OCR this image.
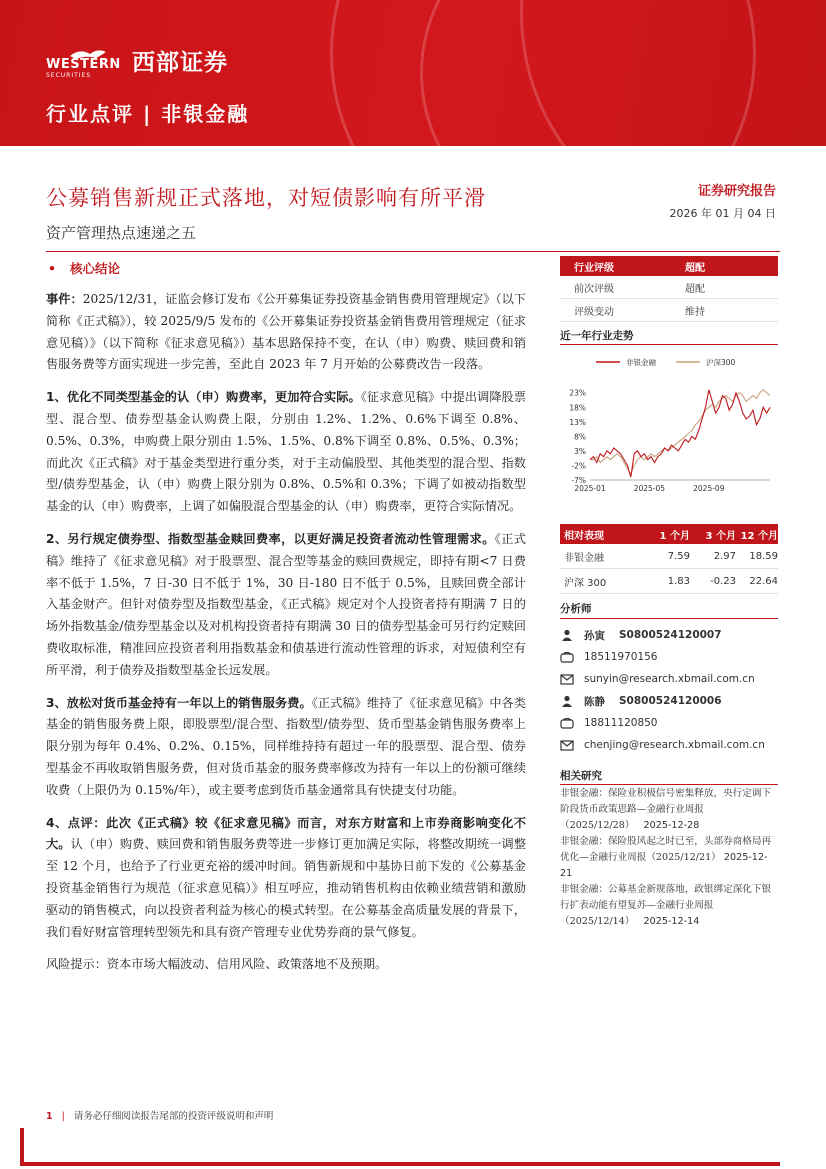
WESTERN
SECURITIES	西部证券
行业点评 | 非银金融
公募销售新规正式落地，对短债影响有所平滑
资产管理热点速递之五
证券研究报告
2026 年 01 月 04 日
• 核心结论

事件：2025/12/31，证监会修订发布《公开募集证券投资基金销售费用管理规定》（以下简称《正式稿》），较 2025/9/5 发布的《公开募集证券投资基金销售费用管理规定（征求意见稿）》（以下简称《征求意见稿》）基本思路保持不变，在认（申）购费、赎回费和销售服务费等方面实现进一步完善，至此自 2023 年 7 月开始的公募费改告一段落。

1、优化不同类型基金的认（申）购费率，更加符合实际。《征求意见稿》中提出调降股票型、混合型、债券型基金认购费上限，分别由 1.2%、1.2%、0.6%下调至 0.8%、0.5%、0.3%，申购费上限分别由 1.5%、1.5%、0.8%下调至 0.8%、0.5%、0.3%；而此次《正式稿》对于基金类型进行重分类，对于主动偏股型、其他类型的混合型、指数型/债券型基金，认（申）购费上限分别为 0.8%、0.5%和 0.3%；下调了如被动指数型基金的认（申）购费率，上调了如偏股混合型基金的认（申）购费率，更符合实际情况。

2、另行规定债券型、指数型基金赎回费率，以更好满足投资者流动性管理需求。《正式稿》维持了《征求意见稿》对于股票型、混合型等基金的赎回费规定，即持有期<7 日费率不低于 1.5%，7 日-30 日不低于 1%，30 日-180 日不低于 0.5%，且赎回费全部计入基金财产。但针对债券型及指数型基金，《正式稿》规定对个人投资者持有期满 7 日的场外指数基金/债券型基金以及对机构投资者持有期满 30 日的债券型基金可另行约定赎回费收取标准，精准回应投资者利用指数基金和债基进行流动性管理的诉求，对短债利空有所平滑，利于债券及指数型基金长远发展。

3、放松对货币基金持有一年以上的销售服务费。《正式稿》维持了《征求意见稿》中各类基金的销售服务费上限，即股票型/混合型、指数型/债券型、货币型基金销售服务费率上限分别为每年 0.4%、0.2%、0.15%，同样维持持有超过一年的股票型、混合型、债券型基金不再收取销售服务费，但对货币基金的服务费率修改为持有一年以上的份额可继续收费（上限仍为 0.15%/年），或主要考虑到货币基金通常具有快捷支付功能。

4、点评：此次《正式稿》较《征求意见稿》而言，对东方财富和上市券商影响变化不大。认（申）购费、赎回费和销售服务费等进一步修订更加满足实际，将整改期统一调整至 12 个月，也给予了行业更充裕的缓冲时间。销售新规和中基协日前下发的《公募基金投资基金销售行为规范（征求意见稿）》相互呼应，推动销售机构由依赖业绩营销和激励驱动的销售模式，向以投资者利益为核心的模式转型。在公募基金高质量发展的背景下，我们看好财富管理转型领先和具有资产管理专业优势券商的景气修复。

风险提示：资本市场大幅波动、信用风险、政策落地不及预期。

行业评级	超配
前次评级	超配
评级变动	维持
近一年行业走势
非银金融	沪深300
-7%
-2%
3%
8%
13%
18%
23%
2025-01	2025-05	2025-09
相对表现	1 个月	3 个月 12 个月
非银金融	7.59	2.97	18.59
沪深 300	1.83	-0.23	22.64
分析师
孙寅 S0800524120007
18511970156
sunyin@research.xbmail.com.cn
陈静 S0800524120006
18811120850
chenjing@research.xbmail.com.cn
相关研究
非银金融：保险业积极信号密集释放，央行定调下阶段货币政策思路—金融行业周报（2025/12/28） 2025-12-28
非银金融：保险股风起之时已至，头部券商格局再优化—金融行业周报（2025/12/21） 2025-12-21
非银金融：公募基金新规落地，政银绑定深化下银行扩表动能有望复苏—金融行业周报（2025/12/14） 2025-12-14
1 | 请务必仔细阅读报告尾部的投资评级说明和声明
